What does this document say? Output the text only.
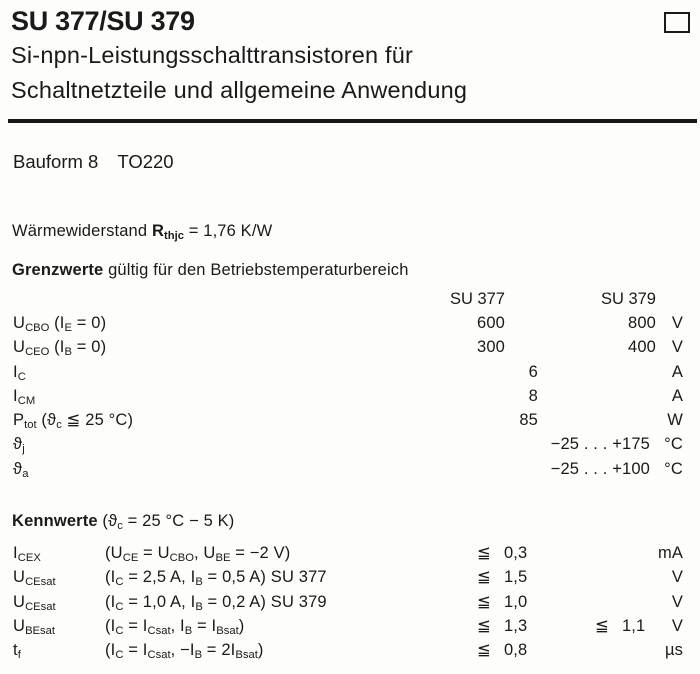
SU 377/SU 379
Si-npn-Leistungsschalttransistoren für
Schaltnetzteile und allgemeine Anwendung
Bauform 8 TO220
Wärmewiderstand $R_{thjc} = 1,76$ K/W
Grenzwerte gültig für den Betriebstemperaturbereich
SU 377	SU 379
$U_{CBO}$ $(I_E = 0)$	600	800 V
$U_{CEO}$ $(I_B = 0)$	300	400 V
$I_C$	6	A
$I_{CM}$	8	A
$P_{tot}$ ($ϑ_c$ ≦ 25 °C)	85	W
$ϑ_j$	−25 . . . +175 °C
$ϑ_a$	−25 . . . +100 °C
Kennwerte ($ϑ_c = 25$ °C − 5 K)
$I_{CEX}$	($U_{CE} = U_{CBO}$, $U_{BE} = -2$ V)	≦ 0,3	mA
$U_{CEsat}$	($I_C = 2,5$ A, $I_B = 0,5$ A) SU 377	≦ 1,5	V
$U_{CEsat}$	($I_C = 1,0$ A, $I_B = 0,2$ A) SU 379	≦ 1,0	V
$U_{BEsat}$	($I_C = I_{Csat}$, $I_B = I_{Bsat}$)	≦ 1,3	≦ 1,1	V
$t_f$	($I_C = I_{Csat}$, $-I_B = 2I_{Bsat}$)	≦ 0,8	µs
